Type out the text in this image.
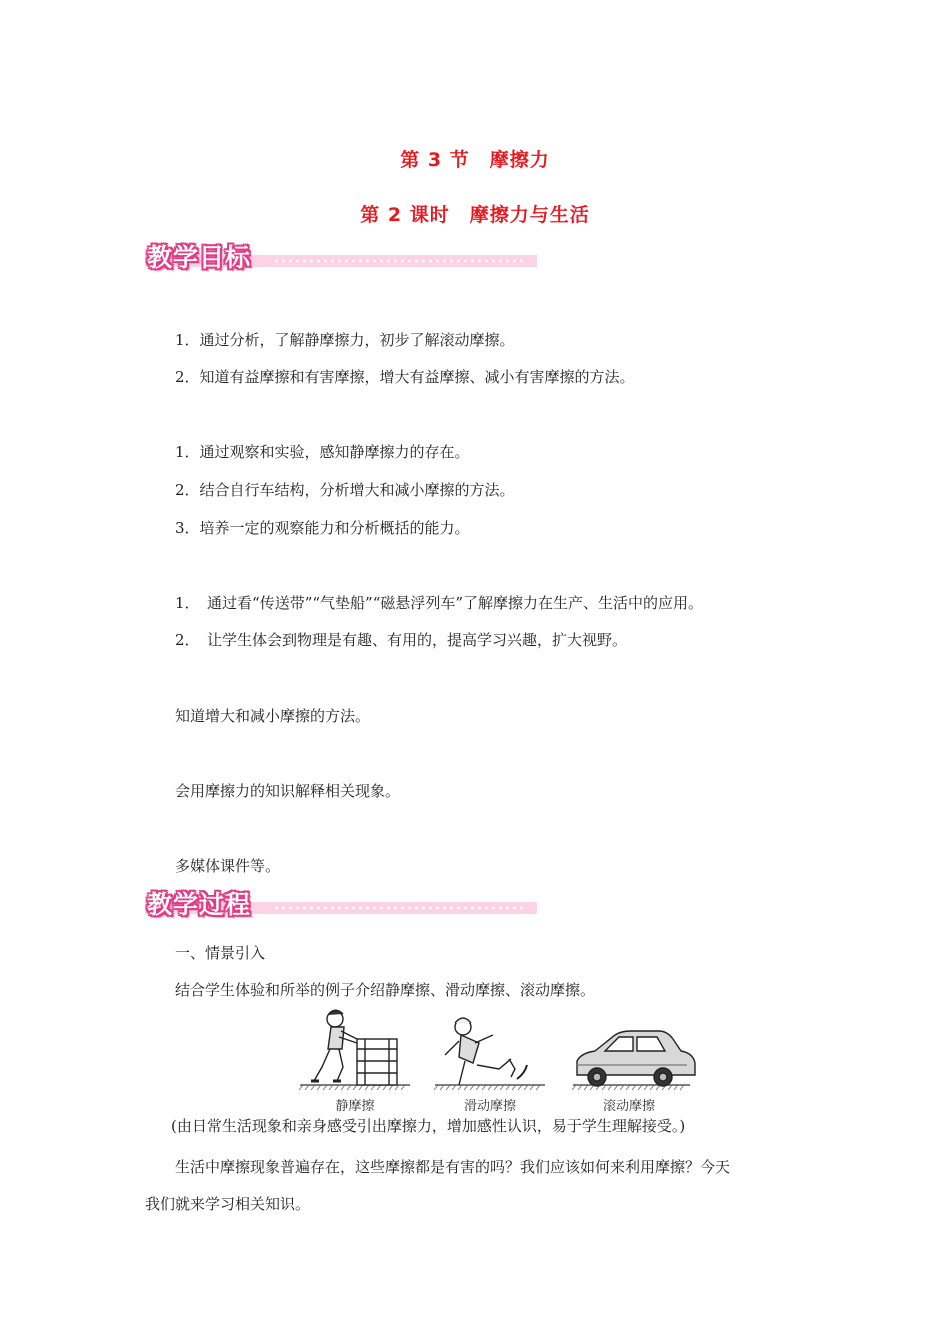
第 3 节　摩擦力
第 2 课时　摩擦力与生活
教学目标
1．通过分析，了解静摩擦力，初步了解滚动摩擦。
2．知道有益摩擦和有害摩擦，增大有益摩擦、减小有害摩擦的方法。
1．通过观察和实验，感知静摩擦力的存在。
2．结合自行车结构，分析增大和减小摩擦的方法。
3．培养一定的观察能力和分析概括的能力。
1．　通过看“传送带”“气垫船”“磁悬浮列车”了解摩擦力在生产、生活中的应用。
2．　让学生体会到物理是有趣、有用的，提高学习兴趣，扩大视野。
知道增大和减小摩擦的方法。
会用摩擦力的知识解释相关现象。
多媒体课件等。
教学过程
一、情景引入
结合学生体验和所举的例子介绍静摩擦、滑动摩擦、滚动摩擦。
静摩擦	滑动摩擦	滚动摩擦
(由日常生活现象和亲身感受引出摩擦力，增加感性认识，易于学生理解接受。)
生活中摩擦现象普遍存在，这些摩擦都是有害的吗？我们应该如何来利用摩擦？今天
我们就来学习相关知识。
